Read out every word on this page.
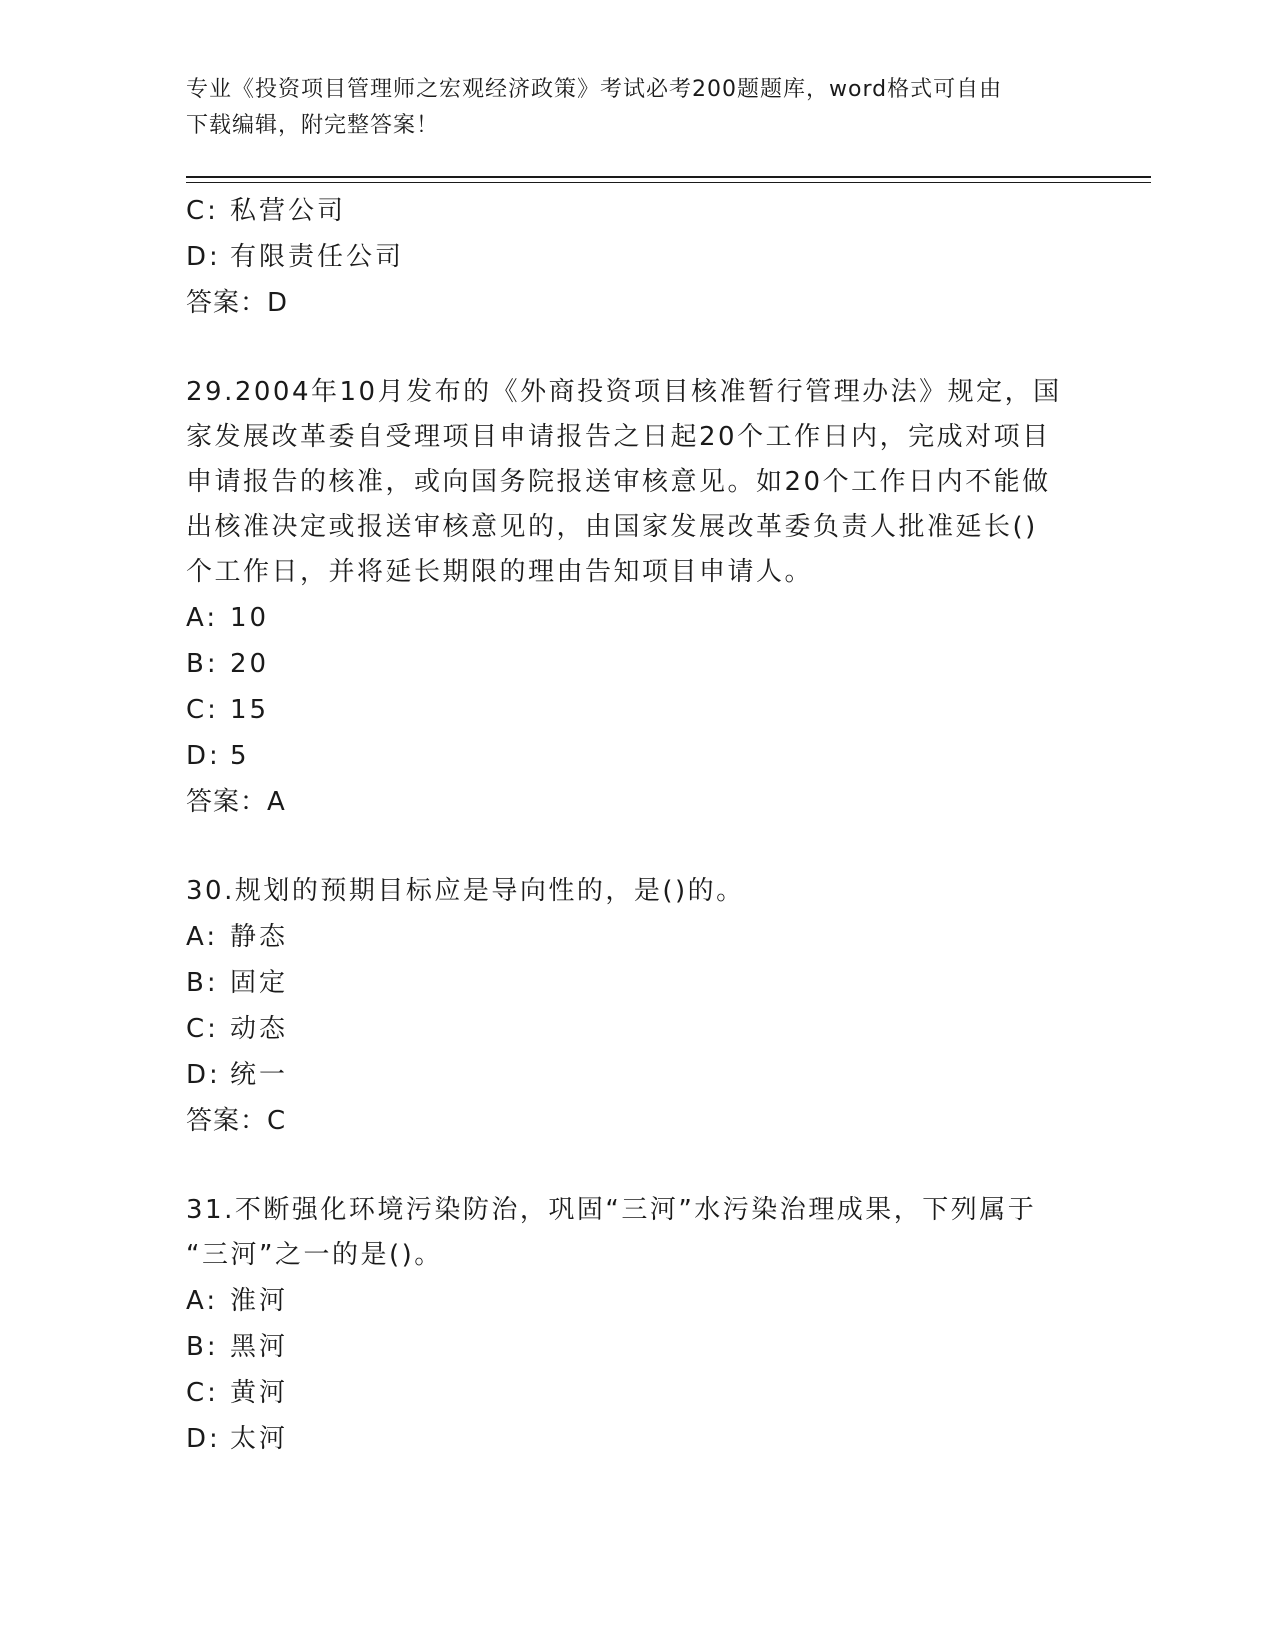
专业《投资项目管理师之宏观经济政策》考试必考200题题库，word格式可自由
下载编辑，附完整答案！
C: 私营公司
D: 有限责任公司
答案：D
29.2004年10月发布的《外商投资项目核准暂行管理办法》规定，国
家发展改革委自受理项目申请报告之日起20个工作日内，完成对项目
申请报告的核准，或向国务院报送审核意见。如20个工作日内不能做
出核准决定或报送审核意见的，由国家发展改革委负责人批准延长()
个工作日，并将延长期限的理由告知项目申请人。
A: 10
B: 20
C: 15
D: 5
答案：A
30.规划的预期目标应是导向性的，是()的。
A: 静态
B: 固定
C: 动态
D: 统一
答案：C
31.不断强化环境污染防治，巩固“三河”水污染治理成果，下列属于
“三河”之一的是()。
A: 淮河
B: 黑河
C: 黄河
D: 太河
